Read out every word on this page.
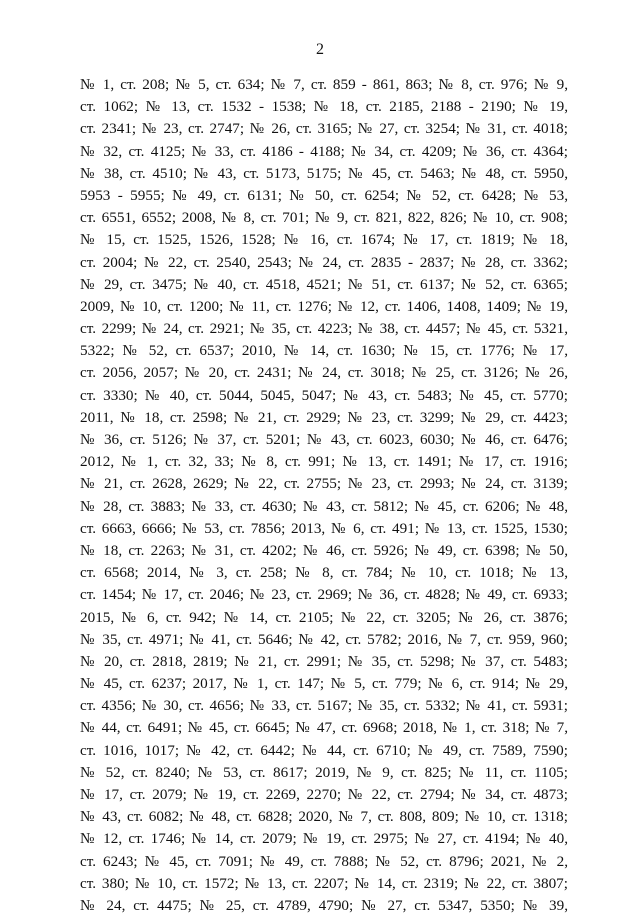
2
№ 1, ст. 208; № 5, ст. 634; № 7, ст. 859 - 861, 863; № 8, ст. 976; № 9,
ст. 1062; № 13, ст. 1532 - 1538; № 18, ст. 2185, 2188 - 2190; № 19,
ст. 2341; № 23, ст. 2747; № 26, ст. 3165; № 27, ст. 3254; № 31, ст. 4018;
№ 32, ст. 4125; № 33, ст. 4186 - 4188; № 34, ст. 4209; № 36, ст. 4364;
№ 38, ст. 4510; № 43, ст. 5173, 5175; № 45, ст. 5463; № 48, ст. 5950,
5953 - 5955; № 49, ст. 6131; № 50, ст. 6254; № 52, ст. 6428; № 53,
ст. 6551, 6552; 2008, № 8, ст. 701; № 9, ст. 821, 822, 826; № 10, ст. 908;
№ 15, ст. 1525, 1526, 1528; № 16, ст. 1674; № 17, ст. 1819; № 18,
ст. 2004; № 22, ст. 2540, 2543; № 24, ст. 2835 - 2837; № 28, ст. 3362;
№ 29, ст. 3475; № 40, ст. 4518, 4521; № 51, ст. 6137; № 52, ст. 6365;
2009, № 10, ст. 1200; № 11, ст. 1276; № 12, ст. 1406, 1408, 1409; № 19,
ст. 2299; № 24, ст. 2921; № 35, ст. 4223; № 38, ст. 4457; № 45, ст. 5321,
5322; № 52, ст. 6537; 2010, № 14, ст. 1630; № 15, ст. 1776; № 17,
ст. 2056, 2057; № 20, ст. 2431; № 24, ст. 3018; № 25, ст. 3126; № 26,
ст. 3330; № 40, ст. 5044, 5045, 5047; № 43, ст. 5483; № 45, ст. 5770;
2011, № 18, ст. 2598; № 21, ст. 2929; № 23, ст. 3299; № 29, ст. 4423;
№ 36, ст. 5126; № 37, ст. 5201; № 43, ст. 6023, 6030; № 46, ст. 6476;
2012, № 1, ст. 32, 33; № 8, ст. 991; № 13, ст. 1491; № 17, ст. 1916;
№ 21, ст. 2628, 2629; № 22, ст. 2755; № 23, ст. 2993; № 24, ст. 3139;
№ 28, ст. 3883; № 33, ст. 4630; № 43, ст. 5812; № 45, ст. 6206; № 48,
ст. 6663, 6666; № 53, ст. 7856; 2013, № 6, ст. 491; № 13, ст. 1525, 1530;
№ 18, ст. 2263; № 31, ст. 4202; № 46, ст. 5926; № 49, ст. 6398; № 50,
ст. 6568; 2014, № 3, ст. 258; № 8, ст. 784; № 10, ст. 1018; № 13,
ст. 1454; № 17, ст. 2046; № 23, ст. 2969; № 36, ст. 4828; № 49, ст. 6933;
2015, № 6, ст. 942; № 14, ст. 2105; № 22, ст. 3205; № 26, ст. 3876;
№ 35, ст. 4971; № 41, ст. 5646; № 42, ст. 5782; 2016, № 7, ст. 959, 960;
№ 20, ст. 2818, 2819; № 21, ст. 2991; № 35, ст. 5298; № 37, ст. 5483;
№ 45, ст. 6237; 2017, № 1, ст. 147; № 5, ст. 779; № 6, ст. 914; № 29,
ст. 4356; № 30, ст. 4656; № 33, ст. 5167; № 35, ст. 5332; № 41, ст. 5931;
№ 44, ст. 6491; № 45, ст. 6645; № 47, ст. 6968; 2018, № 1, ст. 318; № 7,
ст. 1016, 1017; № 42, ст. 6442; № 44, ст. 6710; № 49, ст. 7589, 7590;
№ 52, ст. 8240; № 53, ст. 8617; 2019, № 9, ст. 825; № 11, ст. 1105;
№ 17, ст. 2079; № 19, ст. 2269, 2270; № 22, ст. 2794; № 34, ст. 4873;
№ 43, ст. 6082; № 48, ст. 6828; 2020, № 7, ст. 808, 809; № 10, ст. 1318;
№ 12, ст. 1746; № 14, ст. 2079; № 19, ст. 2975; № 27, ст. 4194; № 40,
ст. 6243; № 45, ст. 7091; № 49, ст. 7888; № 52, ст. 8796; 2021, № 2,
ст. 380; № 10, ст. 1572; № 13, ст. 2207; № 14, ст. 2319; № 22, ст. 3807;
№ 24, ст. 4475; № 25, ст. 4789, 4790; № 27, ст. 5347, 5350; № 39,
